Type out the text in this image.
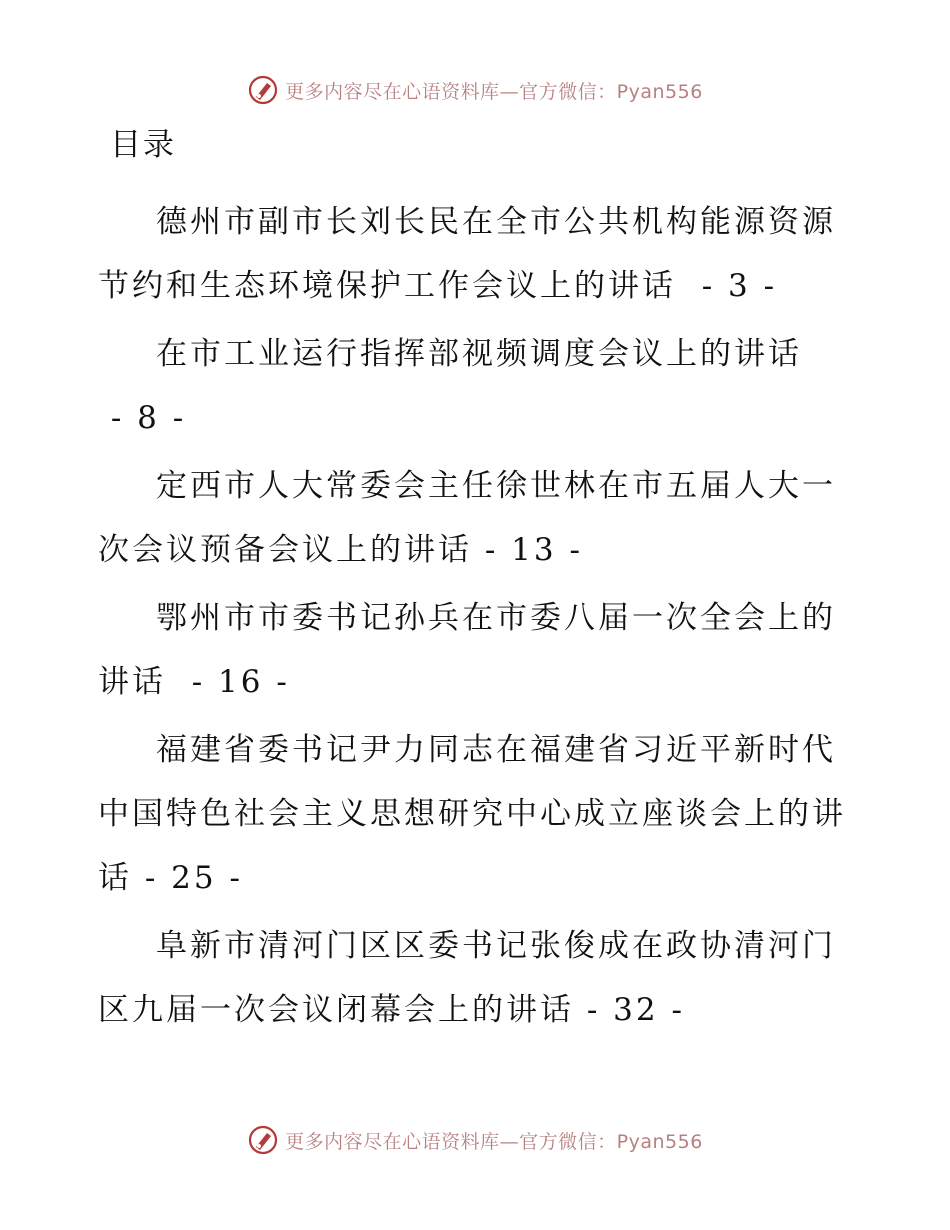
更多内容尽在心语资料库—官方微信：Pyan556
目录
德州市副市长刘长民在全市公共机构能源资源节约和生态环境保护工作会议上的讲话  - 3 -
在市工业运行指挥部视频调度会议上的讲话 - 8 -
定西市人大常委会主任徐世林在市五届人大一次会议预备会议上的讲话 - 13 -
鄂州市市委书记孙兵在市委八届一次全会上的讲话  - 16 -
福建省委书记尹力同志在福建省习近平新时代中国特色社会主义思想研究中心成立座谈会上的讲话 - 25 -
阜新市清河门区区委书记张俊成在政协清河门区九届一次会议闭幕会上的讲话 - 32 -
更多内容尽在心语资料库—官方微信：Pyan556
